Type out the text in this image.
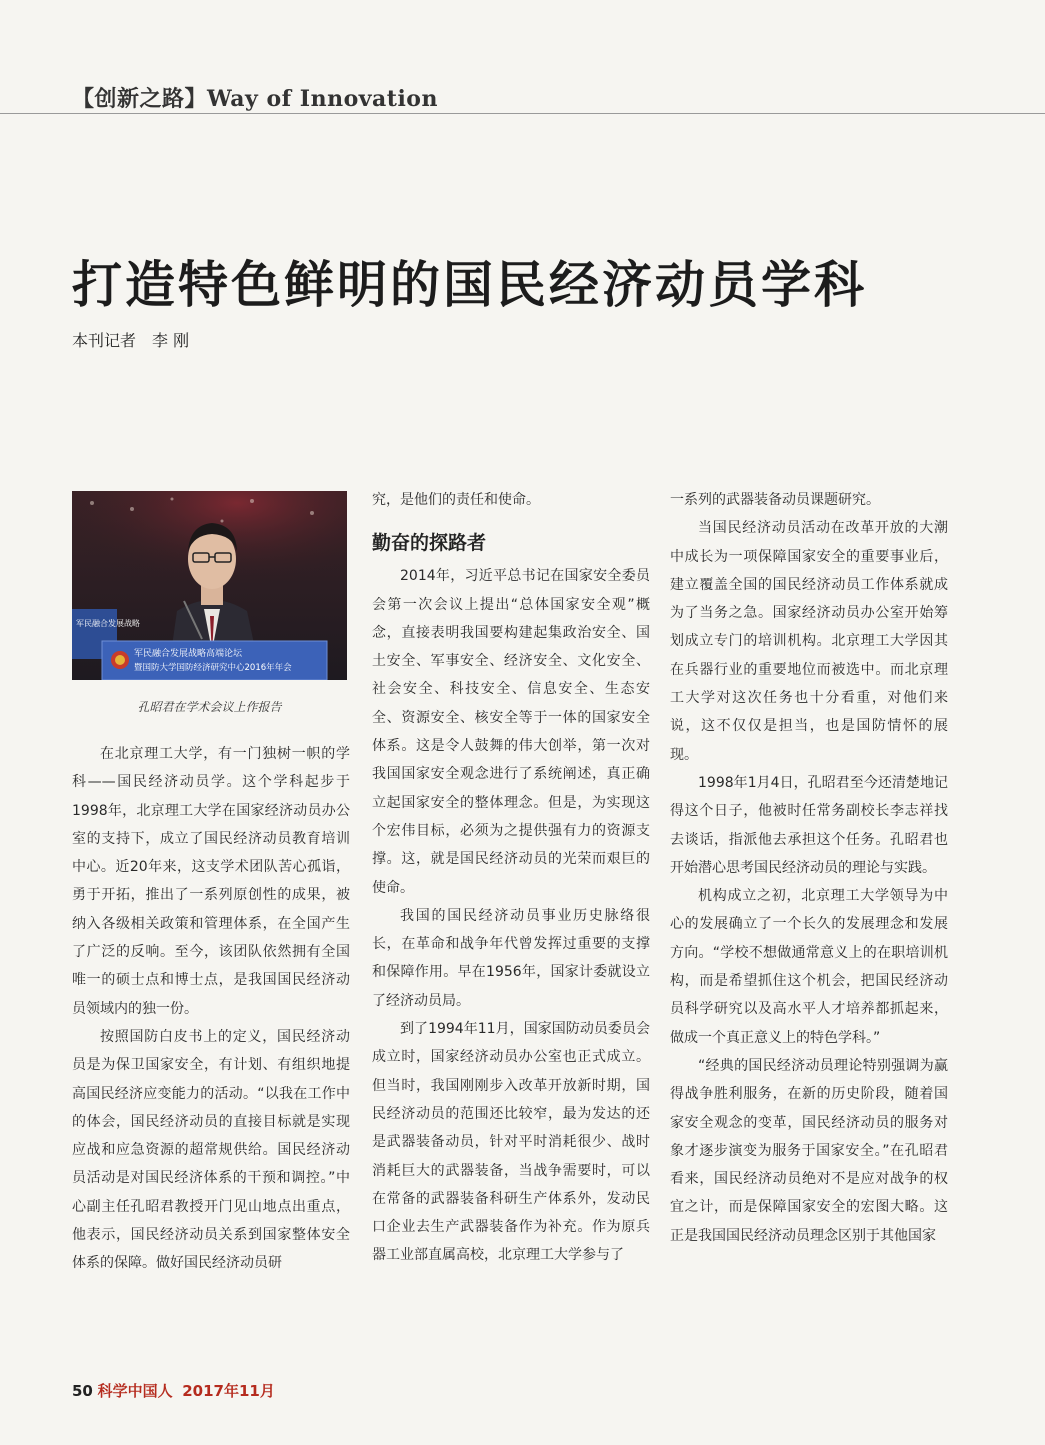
【创新之路】Way of Innovation
打造特色鲜明的国民经济动员学科
本刊记者　李 刚
军民融合发展战略
军民融合发展战略高端论坛
暨国防大学国防经济研究中心2016年年会
孔昭君在学术会议上作报告

在北京理工大学，有一门独树一帜的学科——国民经济动员学。这个学科起步于1998年，北京理工大学在国家经济动员办公室的支持下，成立了国民经济动员教育培训中心。近20年来，这支学术团队苦心孤诣，勇于开拓，推出了一系列原创性的成果，被纳入各级相关政策和管理体系，在全国产生了广泛的反响。至今，该团队依然拥有全国唯一的硕士点和博士点，是我国国民经济动员领域内的独一份。

按照国防白皮书上的定义，国民经济动员是为保卫国家安全，有计划、有组织地提高国民经济应变能力的活动。“以我在工作中的体会，国民经济动员的直接目标就是实现应战和应急资源的超常规供给。国民经济动员活动是对国民经济体系的干预和调控。”中心副主任孔昭君教授开门见山地点出重点，他表示，国民经济动员关系到国家整体安全体系的保障。做好国民经济动员研

究，是他们的责任和使命。

勤奋的探路者

2014年，习近平总书记在国家安全委员会第一次会议上提出“总体国家安全观”概念，直接表明我国要构建起集政治安全、国土安全、军事安全、经济安全、文化安全、社会安全、科技安全、信息安全、生态安全、资源安全、核安全等于一体的国家安全体系。这是令人鼓舞的伟大创举，第一次对我国国家安全观念进行了系统阐述，真正确立起国家安全的整体理念。但是，为实现这个宏伟目标，必须为之提供强有力的资源支撑。这，就是国民经济动员的光荣而艰巨的使命。

我国的国民经济动员事业历史脉络很长，在革命和战争年代曾发挥过重要的支撑和保障作用。早在1956年，国家计委就设立了经济动员局。

到了1994年11月，国家国防动员委员会成立时，国家经济动员办公室也正式成立。但当时，我国刚刚步入改革开放新时期，国民经济动员的范围还比较窄，最为发达的还是武器装备动员，针对平时消耗很少、战时消耗巨大的武器装备，当战争需要时，可以在常备的武器装备科研生产体系外，发动民口企业去生产武器装备作为补充。作为原兵器工业部直属高校，北京理工大学参与了

一系列的武器装备动员课题研究。

当国民经济动员活动在改革开放的大潮中成长为一项保障国家安全的重要事业后，建立覆盖全国的国民经济动员工作体系就成为了当务之急。国家经济动员办公室开始筹划成立专门的培训机构。北京理工大学因其在兵器行业的重要地位而被选中。而北京理工大学对这次任务也十分看重，对他们来说，这不仅仅是担当，也是国防情怀的展现。

1998年1月4日，孔昭君至今还清楚地记得这个日子，他被时任常务副校长李志祥找去谈话，指派他去承担这个任务。孔昭君也开始潜心思考国民经济动员的理论与实践。

机构成立之初，北京理工大学领导为中心的发展确立了一个长久的发展理念和发展方向。“学校不想做通常意义上的在职培训机构，而是希望抓住这个机会，把国民经济动员科学研究以及高水平人才培养都抓起来，做成一个真正意义上的特色学科。”

“经典的国民经济动员理论特别强调为赢得战争胜利服务，在新的历史阶段，随着国家安全观念的变革，国民经济动员的服务对象才逐步演变为服务于国家安全。”在孔昭君看来，国民经济动员绝对不是应对战争的权宜之计，而是保障国家安全的宏图大略。这正是我国国民经济动员理念区别于其他国家

50 科学中国人 2017年11月
